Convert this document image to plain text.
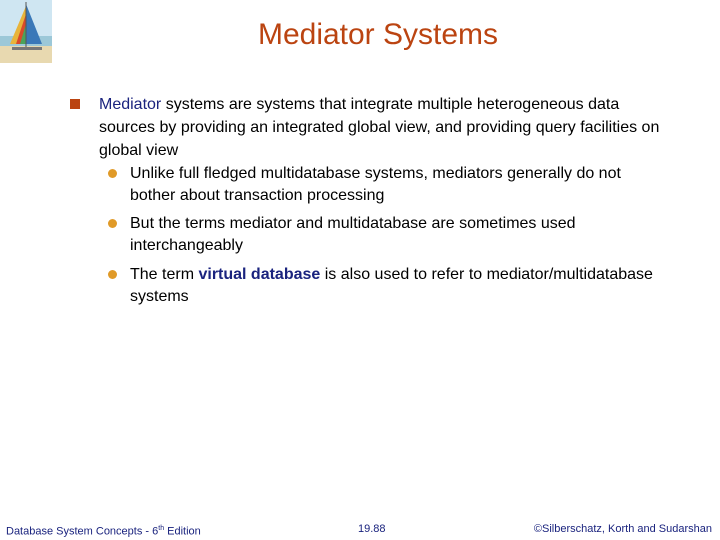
Mediator Systems
Mediator systems are systems that integrate multiple heterogeneous data sources by providing an integrated global view, and providing query facilities on global view
Unlike full fledged multidatabase systems, mediators generally do not bother about transaction processing
But the terms mediator and multidatabase are sometimes used interchangeably
The term virtual database is also used to refer to mediator/multidatabase systems
Database System Concepts - 6th Edition	19.88	©Silberschatz, Korth and Sudarshan
